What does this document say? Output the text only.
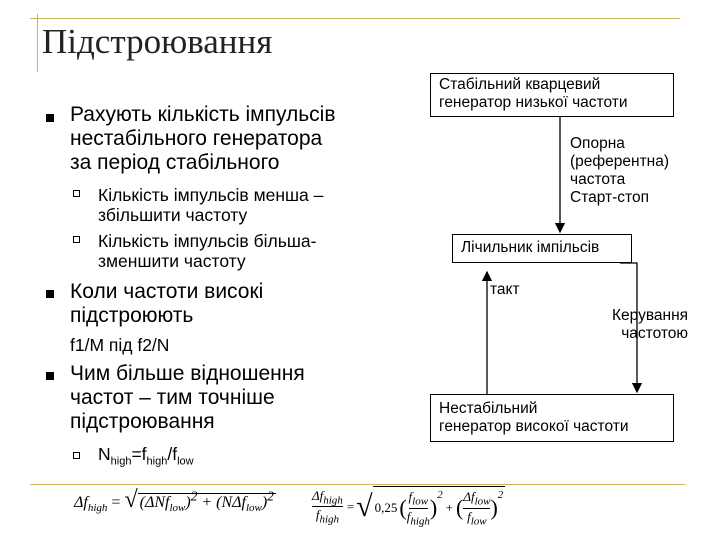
Підстроювання
Рахують кількість імпульсів
нестабільного генератора
за період стабільного
Кількість імпульсів менша –
збільшити частоту
Кількість імпульсів більша-
зменшити частоту
Коли частоти високі
підстроюють
f1/M під f2/N
Чим більше відношення
частот – тим точніше
підстроювання
$N_{high}=f_{high}/f_{low}$
Стабільний кварцевий
генератор низької частоти
Опорна
(референтна)
частота
Старт-стоп
Лічильник імпільсів
такт
Керування
частотою
Нестабільний
генератор високої частоти
$\Delta f_{high}$ = √ $(\Delta Nf_{low})^2 + (N\Delta f_{low})^2$	$\Delta f_{high}$
$f_{high}$
= √ 0,25 ( $f_{low}$
$f_{high}$
)
$^2$
+ ( $\Delta f_{low}$
$f_{low}$
)
$^2$
